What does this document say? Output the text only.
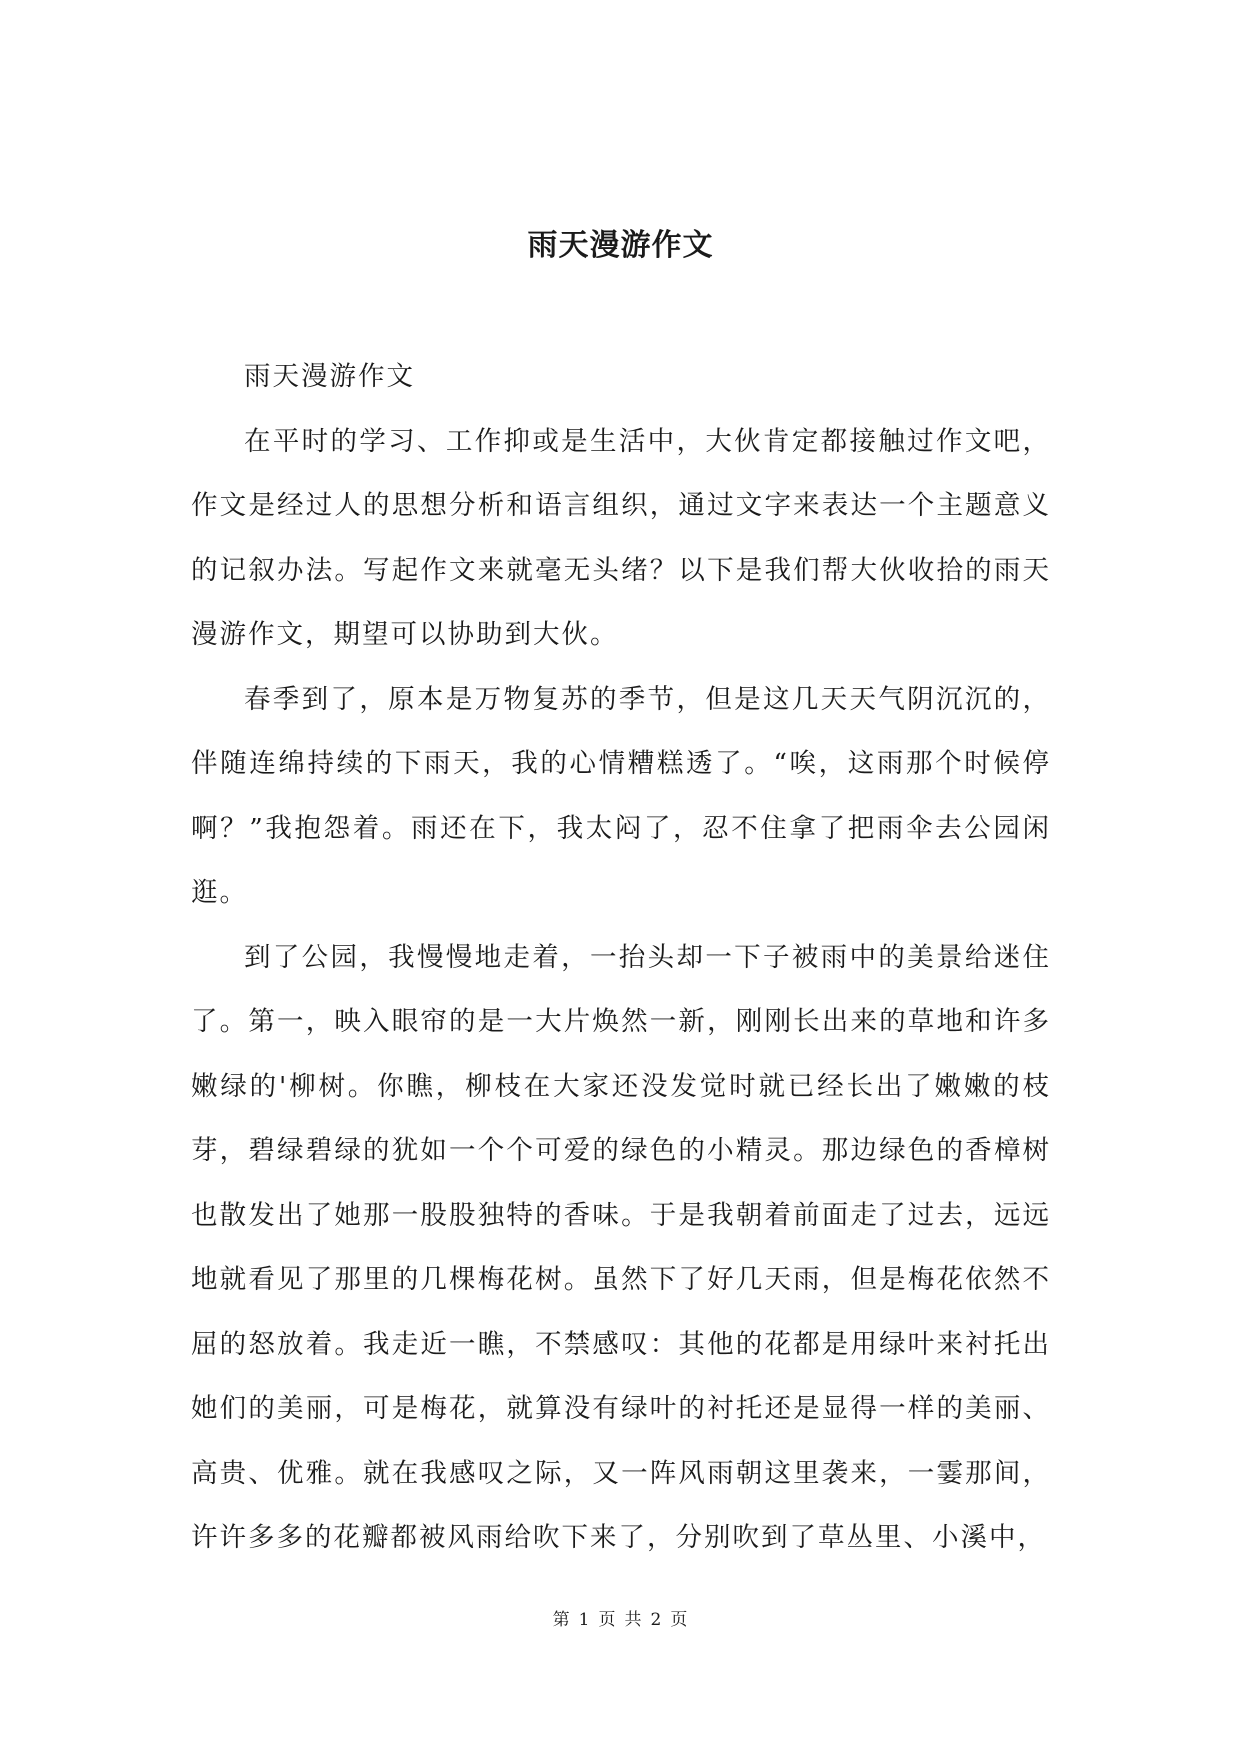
雨天漫游作文

雨天漫游作文

在平时的学习、工作抑或是生活中，大伙肯定都接触过作文吧，作文是经过人的思想分析和语言组织，通过文字来表达一个主题意义的记叙办法。写起作文来就毫无头绪？以下是我们帮大伙收拾的雨天漫游作文，期望可以协助到大伙。

春季到了，原本是万物复苏的季节，但是这几天天气阴沉沉的，伴随连绵持续的下雨天，我的心情糟糕透了。“唉，这雨那个时候停啊？”我抱怨着。雨还在下，我太闷了，忍不住拿了把雨伞去公园闲逛。

到了公园，我慢慢地走着，一抬头却一下子被雨中的美景给迷住了。第一，映入眼帘的是一大片焕然一新，刚刚长出来的草地和许多嫩绿的'柳树。你瞧，柳枝在大家还没发觉时就已经长出了嫩嫩的枝芽，碧绿碧绿的犹如一个个可爱的绿色的小精灵。那边绿色的香樟树也散发出了她那一股股独特的香味。于是我朝着前面走了过去，远远地就看见了那里的几棵梅花树。虽然下了好几天雨，但是梅花依然不屈的怒放着。我走近一瞧，不禁感叹：其他的花都是用绿叶来衬托出她们的美丽，可是梅花，就算没有绿叶的衬托还是显得一样的美丽、高贵、优雅。就在我感叹之际，又一阵风雨朝这里袭来，一霎那间，许许多多的花瓣都被风雨给吹下来了，分别吹到了草丛里、小溪中，

第 1 页 共 2 页
